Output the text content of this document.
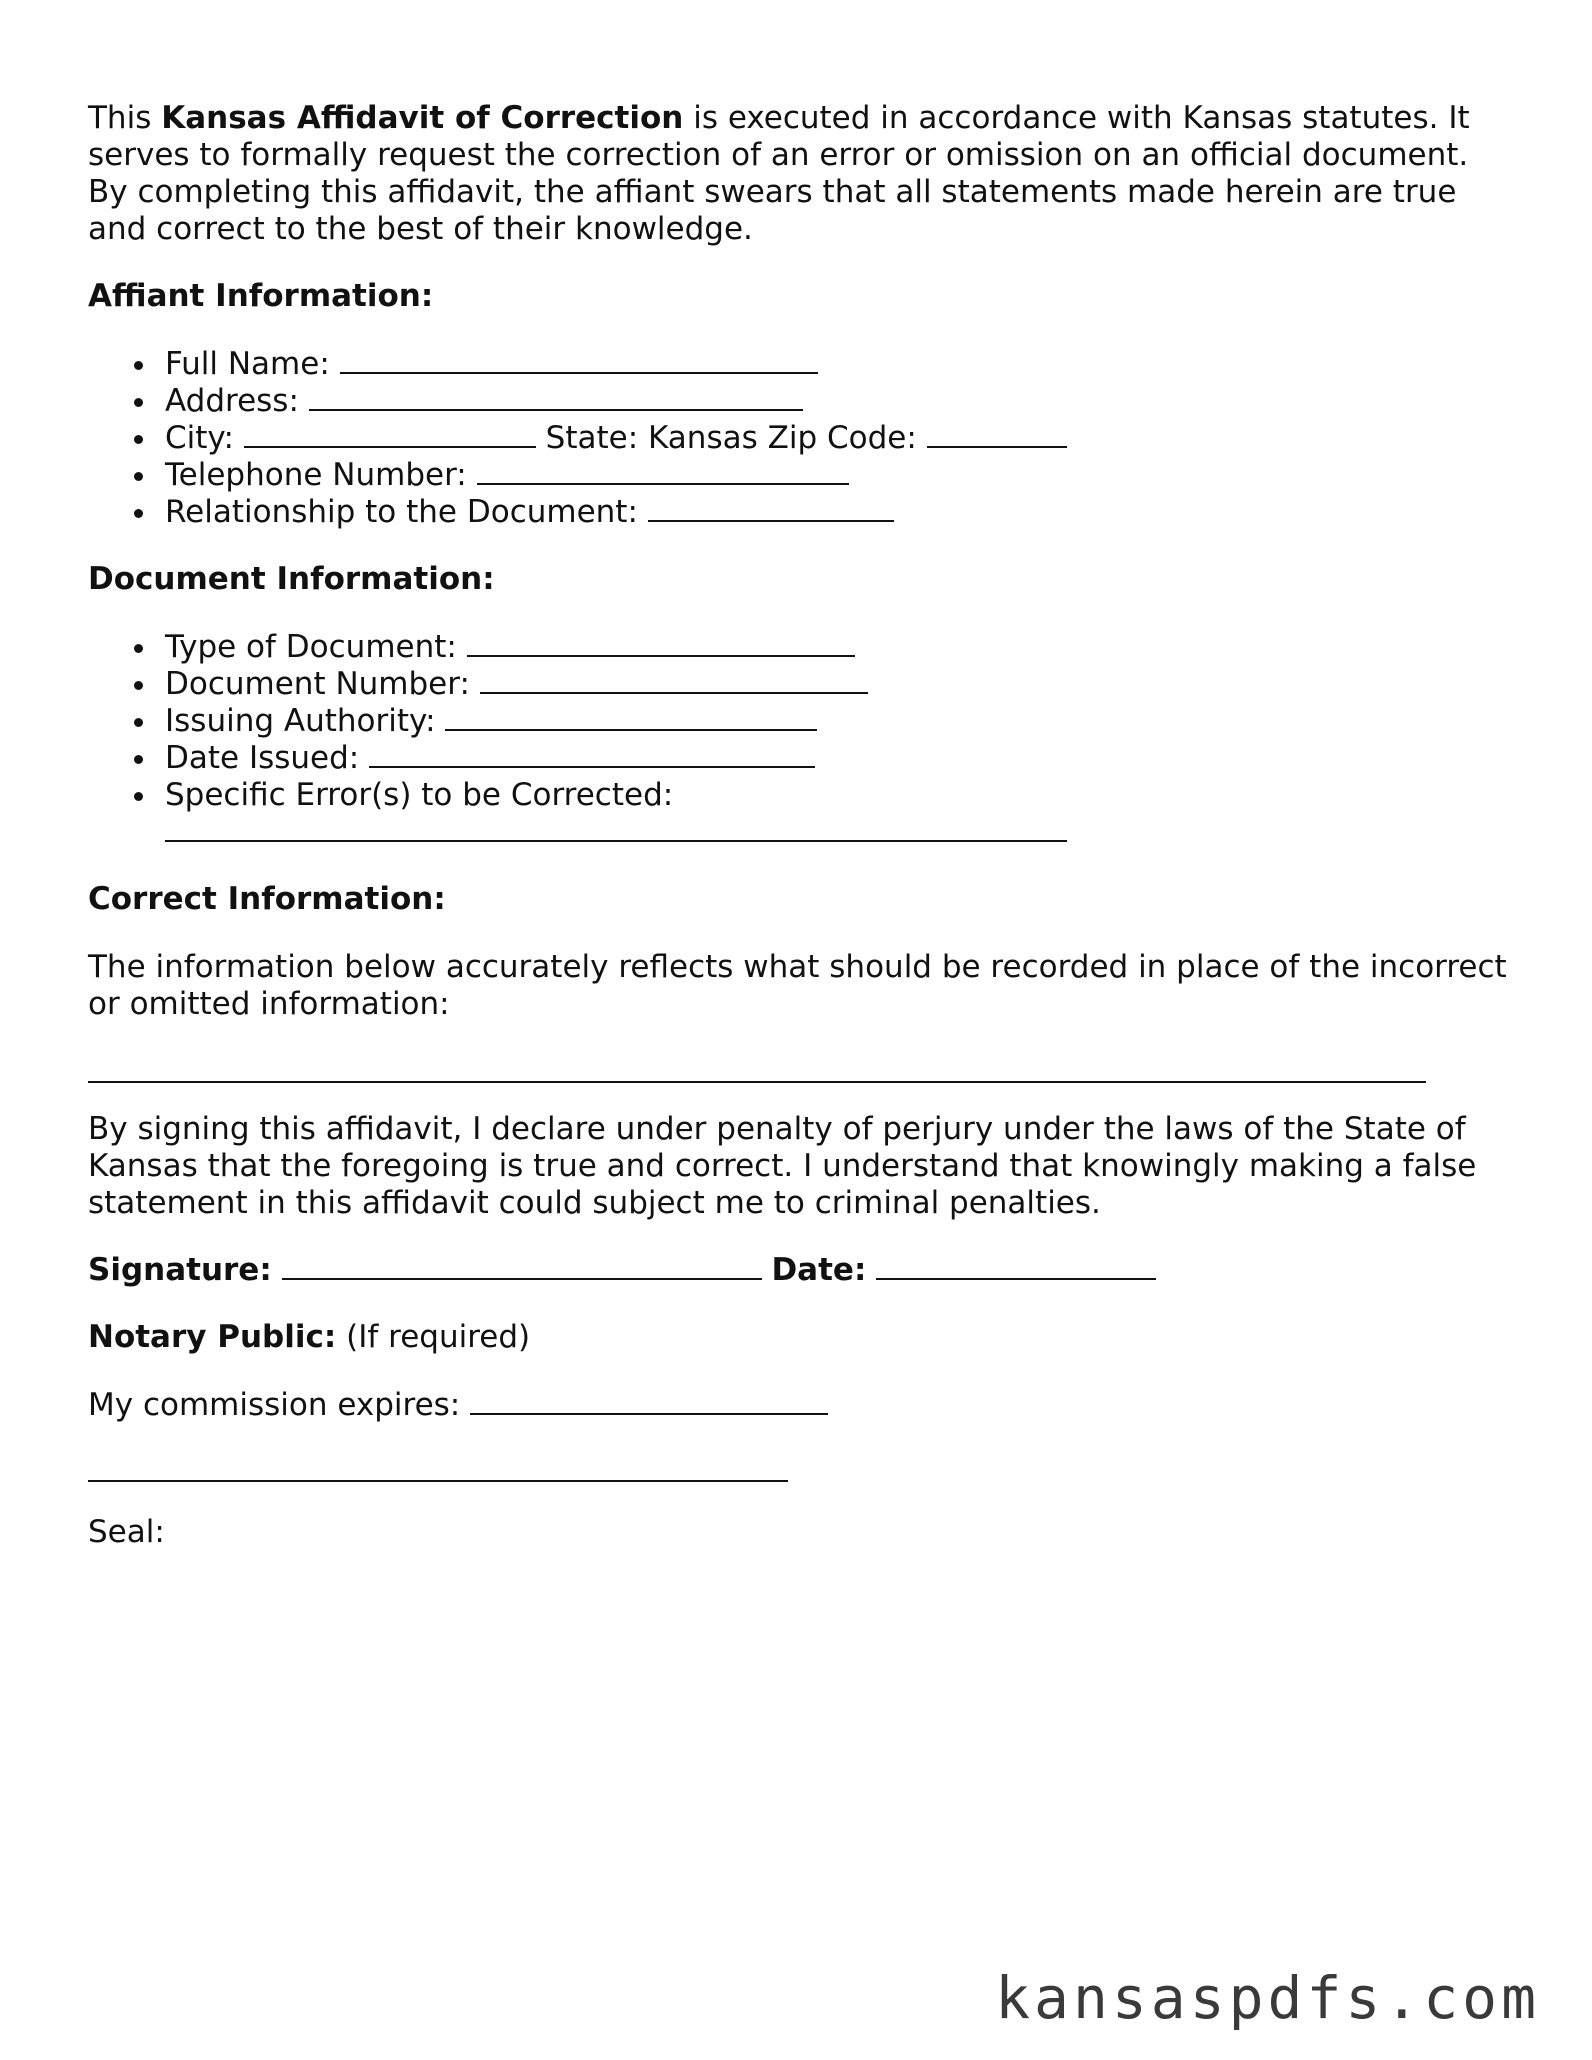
This Kansas Affidavit of Correction is executed in accordance with Kansas statutes. It serves to formally request the correction of an error or omission on an official document. By completing this affidavit, the affiant swears that all statements made herein are true and correct to the best of their knowledge.

Affiant Information:

Full Name:
Address:
City:	State: Kansas Zip Code:
Telephone Number:
Relationship to the Document:

Document Information:

Type of Document:
Document Number:
Issuing Authority:
Date Issued:
Specific Error(s) to be Corrected:

Correct Information:

The information below accurately reflects what should be recorded in place of the incorrect or omitted information:

By signing this affidavit, I declare under penalty of perjury under the laws of the State of Kansas that the foregoing is true and correct. I understand that knowingly making a false statement in this affidavit could subject me to criminal penalties.

Signature:	Date:

Notary Public: (If required)

My commission expires:

Seal:

kansaspdfs.com
